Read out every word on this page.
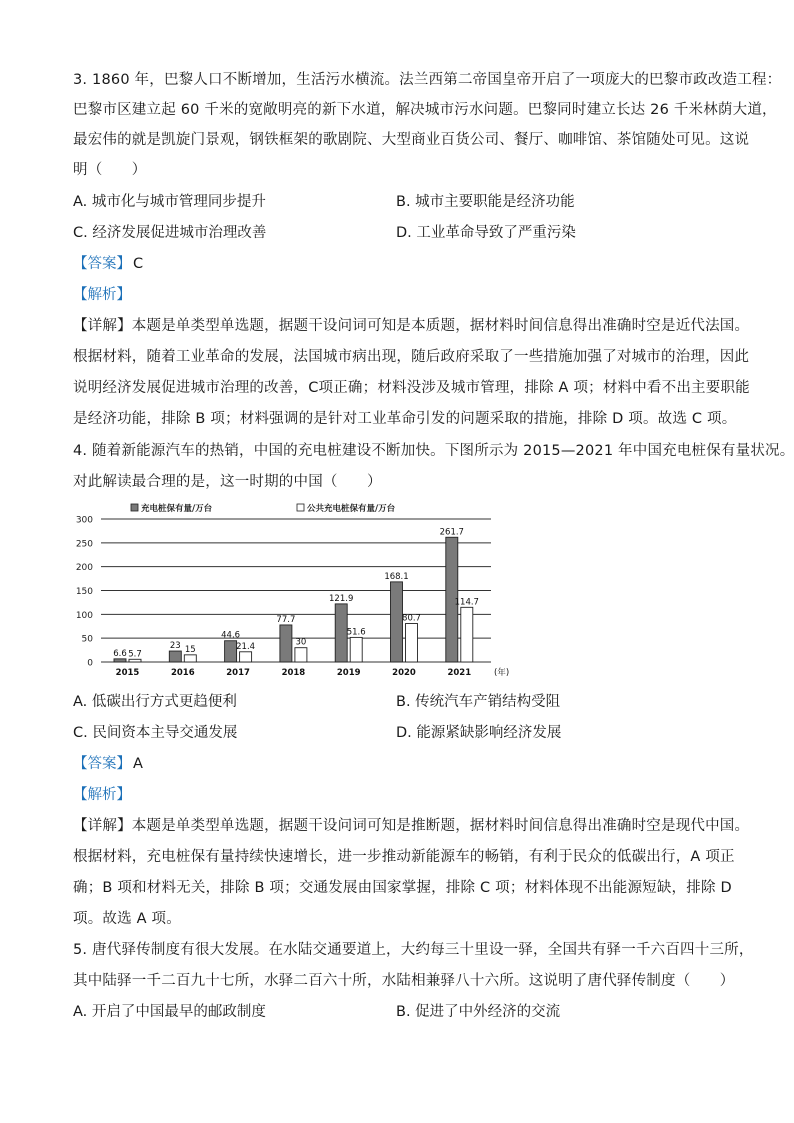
3. 1860 年，巴黎人口不断增加，生活污水横流。法兰西第二帝国皇帝开启了一项庞大的巴黎市政改造工程：
巴黎市区建立起 60 千米的宽敞明亮的新下水道，解决城市污水问题。巴黎同时建立长达 26 千米林荫大道，
最宏伟的就是凯旋门景观，钢铁框架的歌剧院、大型商业百货公司、餐厅、咖啡馆、茶馆随处可见。这说
明（　　）
A. 城市化与城市管理同步提升	B. 城市主要职能是经济功能
C. 经济发展促进城市治理改善	D. 工业革命导致了严重污染
【答案】 C
【解析】
【详解】本题是单类型单选题，据题干设问词可知是本质题，据材料时间信息得出准确时空是近代法国。
根据材料，随着工业革命的发展，法国城市病出现，随后政府采取了一些措施加强了对城市的治理，因此
说明经济发展促进城市治理的改善，C项正确；材料没涉及城市管理，排除 A 项；材料中看不出主要职能
是经济功能，排除 B 项；材料强调的是针对工业革命引发的问题采取的措施，排除 D 项。故选 C 项。
4. 随着新能源汽车的热销，中国的充电桩建设不断加快。下图所示为 2015—2021 年中国充电桩保有量状况。
对此解读最合理的是，这一时期的中国（　　）
0
50
100
150
200
250
300
充电桩保有量/万台	公共充电桩保有量/万台
6.6 5.7
2015
23 15
2016
44.6
21.4
2017
77.7
30
2018
121.9
51.6
2019
168.1
80.7
2020
261.7
114.7
2021	(年)
A. 低碳出行方式更趋便利	B. 传统汽车产销结构受阻
C. 民间资本主导交通发展	D. 能源紧缺影响经济发展
【答案】 A
【解析】
【详解】本题是单类型单选题，据题干设问词可知是推断题，据材料时间信息得出准确时空是现代中国。
根据材料，充电桩保有量持续快速增长，进一步推动新能源车的畅销，有利于民众的低碳出行，A 项正
确；B 项和材料无关，排除 B 项；交通发展由国家掌握，排除 C 项；材料体现不出能源短缺，排除 D
项。故选 A 项。
5. 唐代驿传制度有很大发展。在水陆交通要道上，大约每三十里设一驿，全国共有驿一千六百四十三所，
其中陆驿一千二百九十七所，水驿二百六十所，水陆相兼驿八十六所。这说明了唐代驿传制度（　　）
A. 开启了中国最早的邮政制度	B. 促进了中外经济的交流
